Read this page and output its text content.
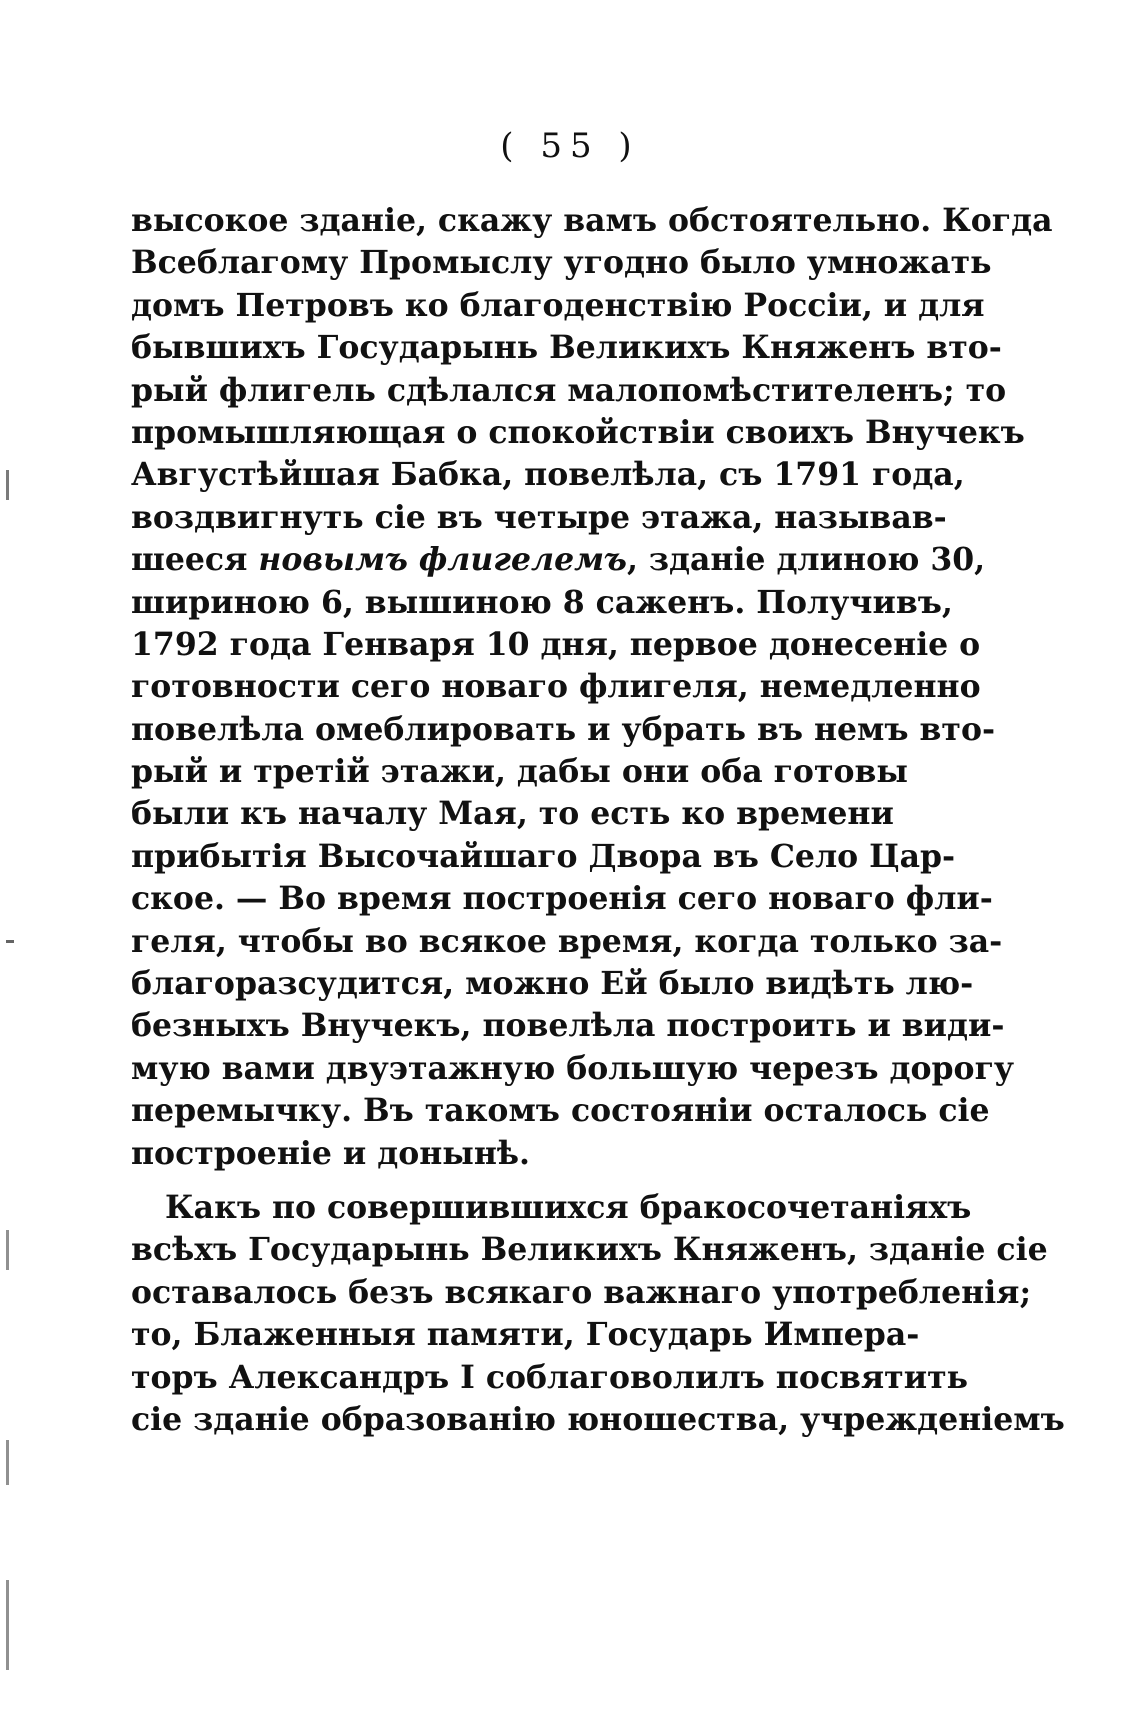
( 55 )
высокое зданіе, скажу вамъ обстоятельно. Когда
Всеблагому Промыслу угодно было умножать
домъ Петровъ ко благоденствію Россіи, и для
бывшихъ Государынь Великихъ Княженъ вто-
рый флигель сдѣлался малопомѣстителенъ; то
промышляющая о спокойствіи своихъ Внучекъ
Августѣйшая Бабка, повелѣла, съ 1791 года,
воздвигнуть сіе въ четыре этажа, называв-
шееся новымъ флигелемъ, зданіе длиною 30,
шириною 6, вышиною 8 саженъ. Получивъ,
1792 года Генваря 10 дня, первое донесеніе о
готовности сего новаго флигеля, немедленно
повелѣла омеблировать и убрать въ немъ вто-
рый и третій этажи, дабы они оба готовы
были къ началу Мая, то есть ко времени
прибытія Высочайшаго Двора въ Село Цар-
ское. — Во время построенія сего новаго фли-
геля, чтобы во всякое время, когда только за-
благоразсудится, можно Ей было видѣть лю-
безныхъ Внучекъ, повелѣла построить и види-
мую вами двуэтажную большую черезъ дорогу
перемычку. Въ такомъ состояніи осталось сіе
построеніе и донынѣ.
Какъ по совершившихся бракосочетаніяхъ
всѣхъ Государынь Великихъ Княженъ, зданіе сіе
оставалось безъ всякаго важнаго употребленія;
то, Блаженныя памяти, Государь Импера-
торъ Александръ I соблаговолилъ посвятить
сіе зданіе образованію юношества, учрежденіемъ
